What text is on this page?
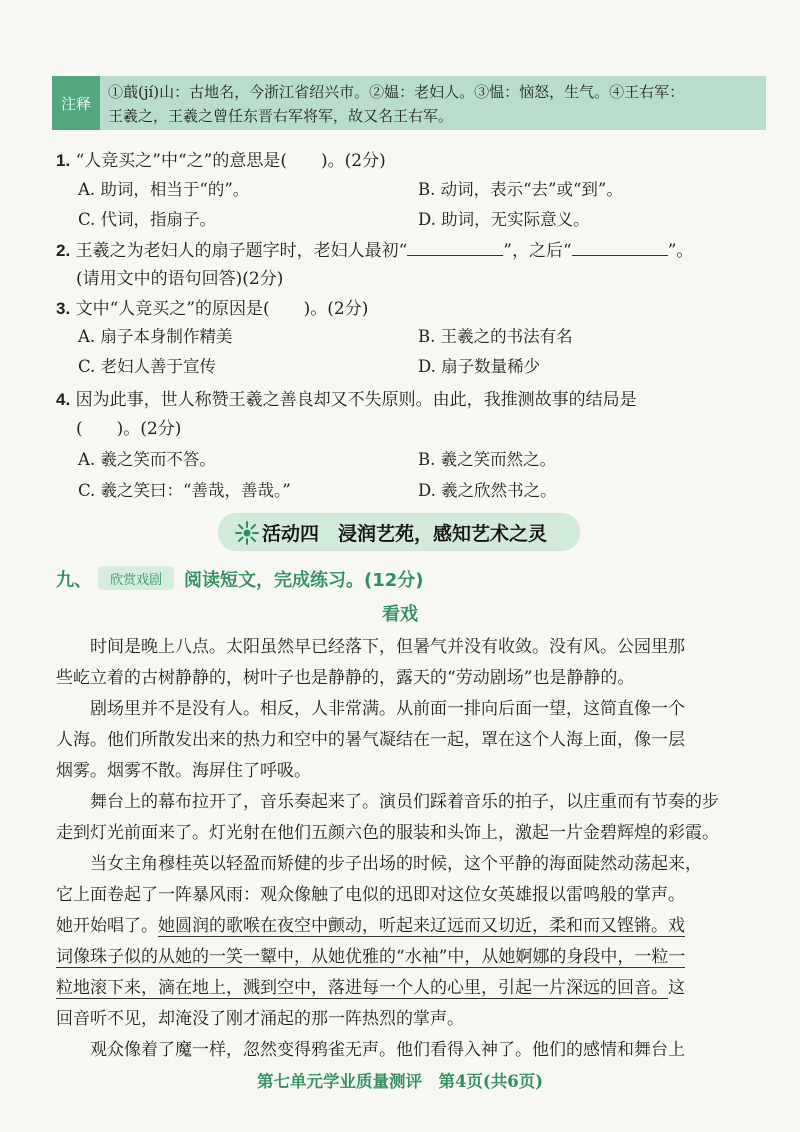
注释
①蕺(jí)山：古地名，今浙江省绍兴市。②媪：老妇人。③愠：恼怒，生气。④王右军：
王羲之，王羲之曾任东晋右军将军，故又名王右军。
1. “人竞买之”中“之”的意思是(　　)。(2分)
A. 助词，相当于“的”。	B. 动词，表示“去”或“到”。
C. 代词，指扇子。	D. 助词，无实际意义。
2. 王羲之为老妇人的扇子题字时，老妇人最初“	”，之后“	”。
(请用文中的语句回答)(2分)
3. 文中“人竞买之”的原因是(　　)。(2分)
A. 扇子本身制作精美	B. 王羲之的书法有名
C. 老妇人善于宣传	D. 扇子数量稀少
4. 因为此事，世人称赞王羲之善良却又不失原则。由此，我推测故事的结局是
(　　)。(2分)
A. 羲之笑而不答。	B. 羲之笑而然之。
C. 羲之笑曰：“善哉，善哉。”	D. 羲之欣然书之。
活动四　浸润艺苑，感知艺术之灵
九、	欣赏戏剧	阅读短文，完成练习。(12分)
看戏

时间是晚上八点。太阳虽然早已经落下，但暑气并没有收敛。没有风。公园里那

些屹立着的古树静静的，树叶子也是静静的，露天的“劳动剧场”也是静静的。

剧场里并不是没有人。相反，人非常满。从前面一排向后面一望，这简直像一个

人海。他们所散发出来的热力和空中的暑气凝结在一起，罩在这个人海上面，像一层

烟雾。烟雾不散。海屏住了呼吸。

舞台上的幕布拉开了，音乐奏起来了。演员们踩着音乐的拍子，以庄重而有节奏的步

走到灯光前面来了。灯光射在他们五颜六色的服装和头饰上，激起一片金碧辉煌的彩霞。

当女主角穆桂英以轻盈而矫健的步子出场的时候，这个平静的海面陡然动荡起来，

它上面卷起了一阵暴风雨：观众像触了电似的迅即对这位女英雄报以雷鸣般的掌声。

她开始唱了。她圆润的歌喉在夜空中颤动，听起来辽远而又切近，柔和而又铿锵。戏

词像珠子似的从她的一笑一颦中，从她优雅的“水袖”中，从她婀娜的身段中，一粒一

粒地滚下来，滴在地上，溅到空中，落进每一个人的心里，引起一片深远的回音。这

回音听不见，却淹没了刚才涌起的那一阵热烈的掌声。

观众像着了魔一样，忽然变得鸦雀无声。他们看得入神了。他们的感情和舞台上

第七单元学业质量测评　第4页(共6页)
